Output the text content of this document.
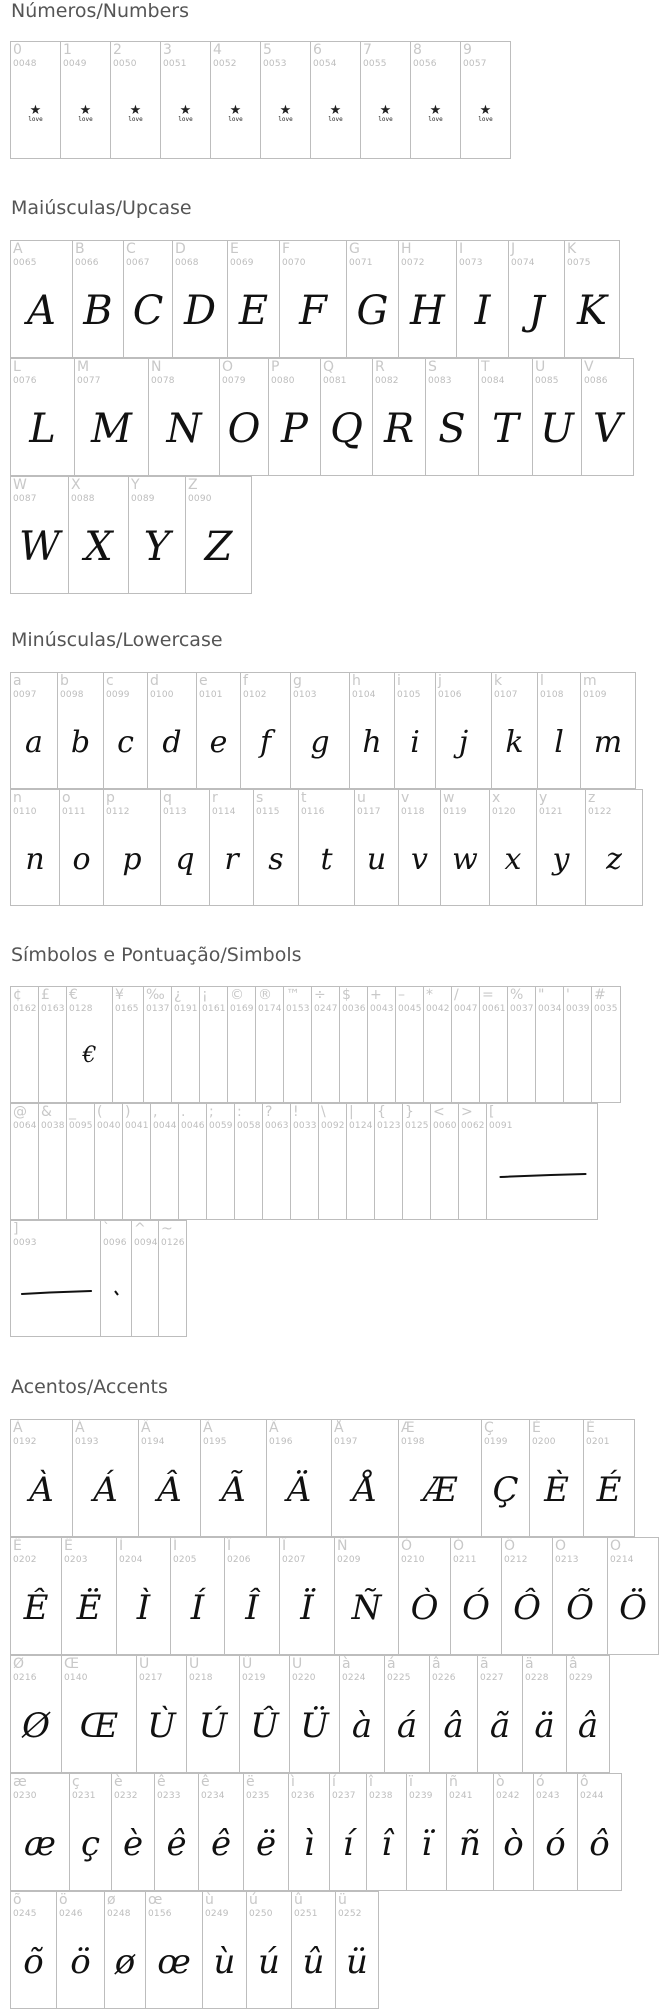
Números/Numbers
0
0048
★
love
1
0049
★
love
2
0050
★
love
3
0051
★
love
4
0052
★
love
5
0053
★
love
6
0054
★
love
7
0055
★
love
8
0056
★
love
9
0057
★
love
Maiúsculas/Upcase
A
0065
A
B
0066
B
C
0067
C
D
0068
D
E
0069
E
F
0070
F
G
0071
G
H
0072
H
I
0073
I
J
0074
J
K
0075
K
L
0076
L
M
0077
M
N
0078
N
O
0079
O
P
0080
P
Q
0081
Q
R
0082
R
S
0083
S
T
0084
T
U
0085
U
V
0086
V
W
0087
W
X
0088
X
Y
0089
Y
Z
0090
Z
Minúsculas/Lowercase
a
0097
a
b
0098
b
c
0099
c
d
0100
d
e
0101
e
f
0102
f
g
0103
g
h
0104
h
i
0105
i
j
0106
j
k
0107
k
l
0108
l
m
0109
m
n
0110
n
o
0111
o
p
0112
p
q
0113
q
r
0114
r
s
0115
s
t
0116
t
u
0117
u
v
0118
v
w
0119
w
x
0120
x
y
0121
y
z
0122
z
Símbolos e Pontuação/Simbols
¢
0162
£
0163
€
0128
€
¥
0165
‰
0137
¿
0191
¡
0161
©
0169
®
0174
™
0153
÷
0247
$
0036
+
0043
–
0045
*
0042
/
0047
=
0061
%
0037
"
0034
'
0039
#
0035
@
0064
&
0038
_
0095
(
0040
)
0041
,
0044
.
0046
;
0059
:
0058
?
0063
!
0033
\
0092
|
0124
{
0123
}
0125
<
0060
>
0062
[
0091
]
0093
`
0096
^
0094
~
0126
Acentos/Accents
À
0192
À
Á
0193
Á
Â
0194
Â
Ã
0195
Ã
Ä
0196
Ä
Å
0197
Å
Æ
0198
Æ
Ç
0199
Ç
È
0200
È
É
0201
É
Ê
0202
Ê
Ë
0203
Ë
Ì
0204
Ì
Í
0205
Í
Î
0206
Î
Ï
0207
Ï
Ñ
0209
Ñ
Ò
0210
Ò
Ó
0211
Ó
Ô
0212
Ô
Õ
0213
Õ
Ö
0214
Ö
Ø
0216
Ø
Œ
0140
Œ
Ù
0217
Ù
Ú
0218
Ú
Û
0219
Û
Ü
0220
Ü
à
0224
à
á
0225
á
â
0226
â
ã
0227
ã
ä
0228
ä
â
0229
â
æ
0230
æ
ç
0231
ç
è
0232
è
ê
0233
ê
ê
0234
ê
ë
0235
ë
ì
0236
ì
í
0237
í
î
0238
î
ï
0239
ï
ñ
0241
ñ
ò
0242
ò
ó
0243
ó
ô
0244
ô
õ
0245
õ
ö
0246
ö
ø
0248
ø
œ
0156
œ
ù
0249
ù
ú
0250
ú
û
0251
û
ü
0252
ü
